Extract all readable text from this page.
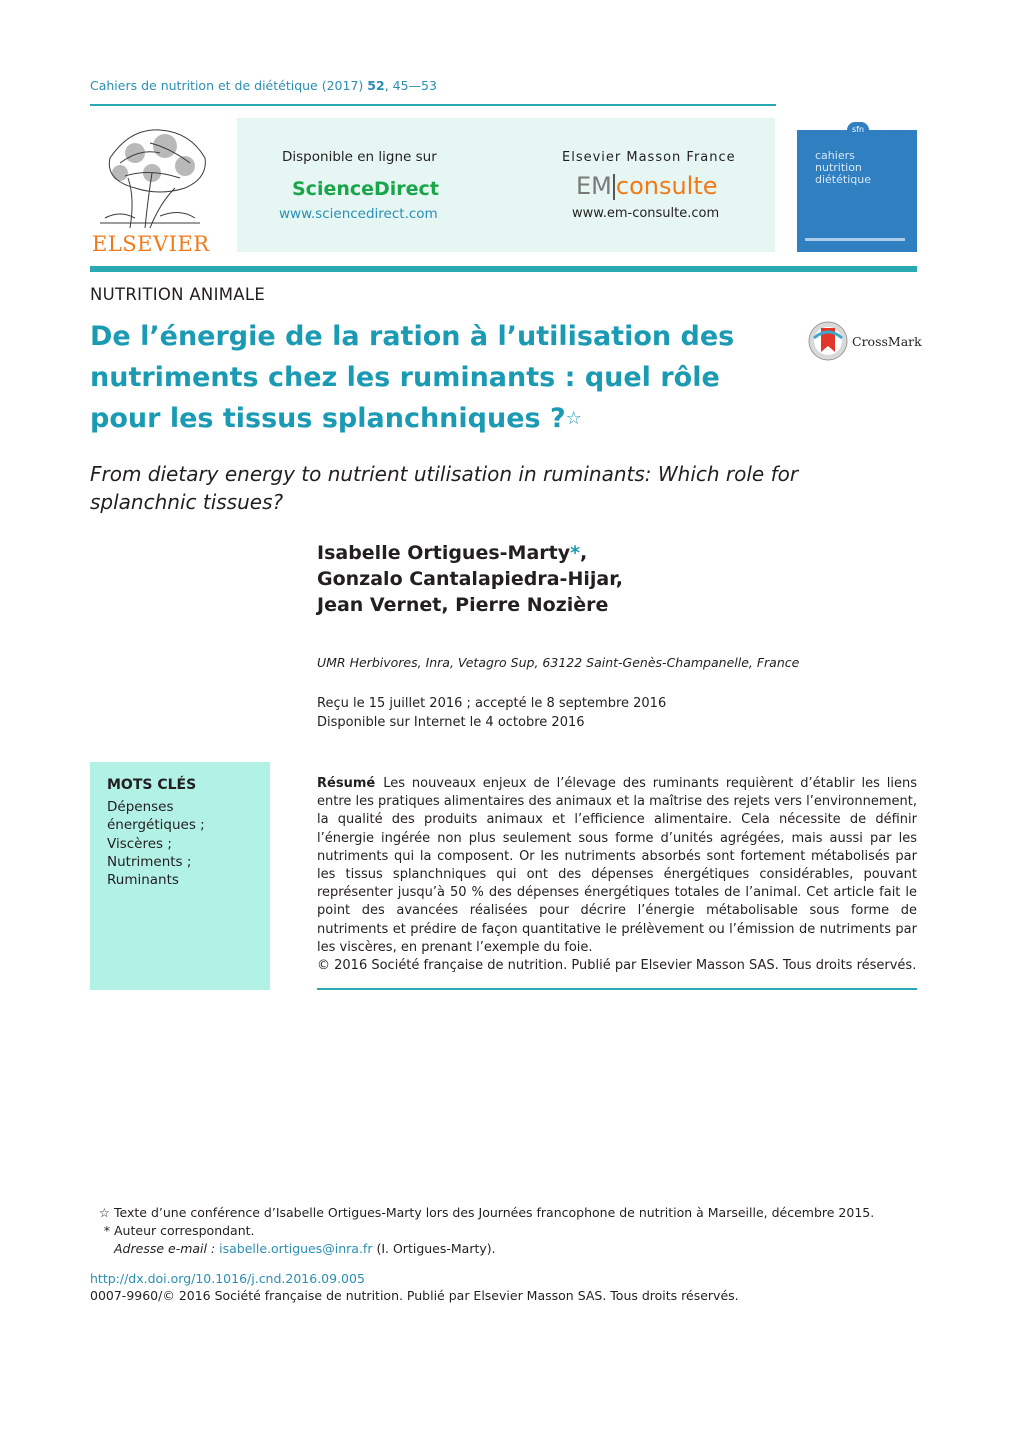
Cahiers de nutrition et de diététique (2017) 52, 45—53
ELSEVIER
Disponible en ligne sur
ScienceDirect
www.sciencedirect.com
Elsevier Masson France
EM consulte
www.em-consulte.com
sfn
cahiers
nutrition
diététique
NUTRITION ANIMALE
De l’énergie de la ration à l’utilisation des nutriments chez les ruminants : quel rôle pour les tissus splanchniques ?☆
CrossMark
From dietary energy to nutrient utilisation in ruminants: Which role for splanchnic tissues?
Isabelle Ortigues-Marty*,
Gonzalo Cantalapiedra-Hijar,
Jean Vernet, Pierre Nozière
UMR Herbivores, Inra, Vetagro Sup, 63122 Saint-Genès-Champanelle, France
Reçu le 15 juillet 2016 ; accepté le 8 septembre 2016
Disponible sur Internet le 4 octobre 2016
MOTS CLÉS
Dépenses
énergétiques ;
Viscères ;
Nutriments ;
Ruminants
Résumé Les nouveaux enjeux de l’élevage des ruminants requièrent d’établir les liens entre les pratiques alimentaires des animaux et la maîtrise des rejets vers l’environnement, la qualité des produits animaux et l’efficience alimentaire. Cela nécessite de définir l’énergie ingérée non plus seulement sous forme d’unités agrégées, mais aussi par les nutriments qui la composent. Or les nutriments absorbés sont fortement métabolisés par les tissus splanchniques qui ont des dépenses énergétiques considérables, pouvant représenter jusqu’à 50 % des dépenses énergétiques totales de l’animal. Cet article fait le point des avancées réalisées pour décrire l’énergie métabolisable sous forme de nutriments et prédire de façon quantitative le prélèvement ou l’émission de nutriments par les viscères, en prenant l’exemple du foie.
© 2016 Société française de nutrition. Publié par Elsevier Masson SAS. Tous droits réservés.
☆ Texte d’une conférence d’Isabelle Ortigues-Marty lors des Journées francophone de nutrition à Marseille, décembre 2015.
* Auteur correspondant.
Adresse e-mail :
isabelle.ortigues@inra.fr
(I. Ortigues-Marty).
http://dx.doi.org/10.1016/j.cnd.2016.09.005
0007-9960/© 2016 Société française de nutrition. Publié par Elsevier Masson SAS. Tous droits réservés.
